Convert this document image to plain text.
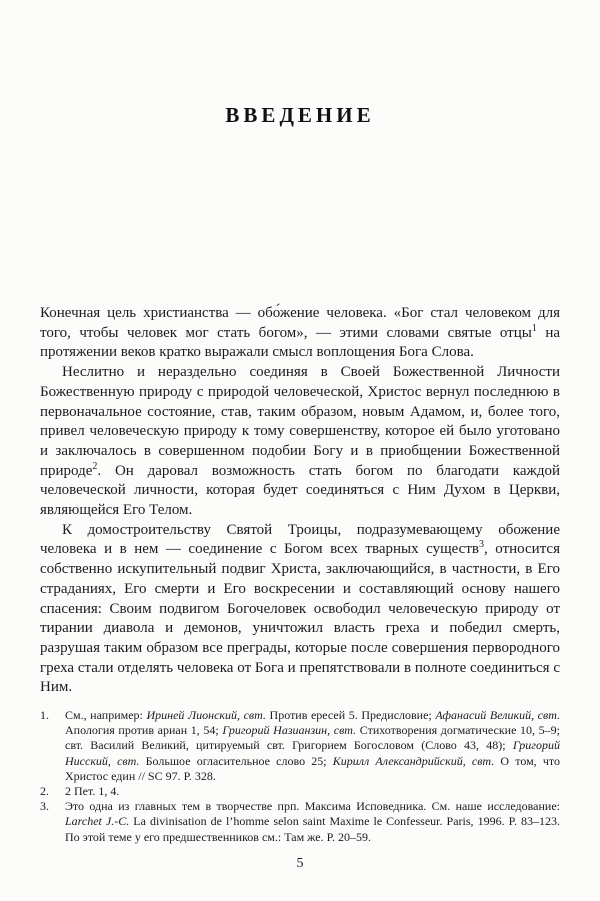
ВВЕДЕНИЕ

Конечная цель христианства — обо́жение человека. «Бог стал человеком для того, чтобы человек мог стать богом», — этими словами святые отцы$^1$ на протяжении веков кратко выражали смысл воплощения Бога Слова.

Неслитно и нераздельно соединяя в Своей Божественной Личности Божественную природу с природой человеческой, Христос вернул последнюю в первоначальное состояние, став, таким образом, новым Адамом, и, более того, привел человеческую природу к тому совершенству, которое ей было уготовано и заключалось в совершенном подобии Богу и в приобщении Божественной природе$^2$. Он даровал возможность стать богом по благодати каждой человеческой личности, которая будет соединяться с Ним Духом в Церкви, являющейся Его Телом.

К домостроительству Святой Троицы, подразумевающему обожение человека и в нем — соединение с Богом всех тварных существ$^3$, относится собственно искупительный подвиг Христа, заключающийся, в частности, в Его страданиях, Его смерти и Его воскресении и составляющий основу нашего спасения: Своим подвигом Богочеловек освободил человеческую природу от тирании диавола и демонов, уничтожил власть греха и победил смерть, разрушая таким образом все преграды, которые после совершения первородного греха стали отделять человека от Бога и препятствовали в полноте соединиться с Ним.

1.	См., например: Ириней Лионский, свт. Против ересей 5. Предисловие; Афанасий Великий, свт. Апология против ариан 1, 54; Григорий Назианзин, свт. Стихотворения догматические 10, 5–9; свт. Василий Великий, цитируемый свт. Григорием Богословом (Слово 43, 48); Григорий Нисский, свт. Большое огласительное слово 25; Кирилл Александрийский, свт. О том, что Христос един // SC 97. P. 328.
2.	2 Пет. 1, 4.
3.	Это одна из главных тем в творчестве прп. Максима Исповедника. См. наше исследование: Larchet J.-C. La divinisation de l’homme selon saint Maxime le Confesseur. Paris, 1996. P. 83–123. По этой теме у его предшественников см.: Там же. P. 20–59.
5
